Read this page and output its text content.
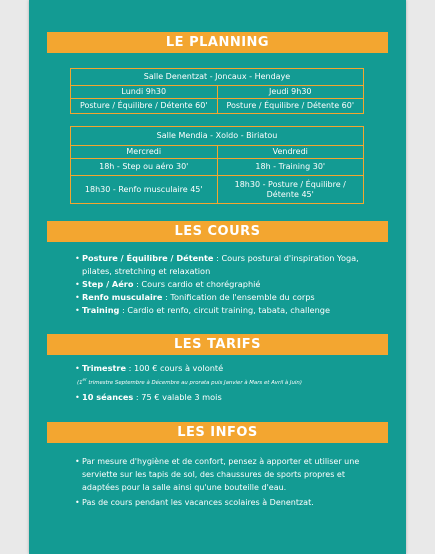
LE PLANNING
Salle Denentzat - Joncaux - Hendaye	
Lundi 9h30	Jeudi 9h30
Posture / Équilibre / Détente 60'	Posture / Équilibre / Détente 60'
Salle Mendia - Xoldo - Biriatou	
Mercredi	Vendredi
18h - Step ou aéro 30'	18h - Training 30'
18h30 - Renfo musculaire 45'	18h30 - Posture / Équilibre / Détente 45'
LES COURS
• Posture / Équilibre / Détente : Cours postural d'inspiration Yoga, pilates, stretching et relaxation
• Step / Aéro : Cours cardio et chorégraphié
• Renfo musculaire : Tonification de l'ensemble du corps
• Training : Cardio et renfo, circuit training, tabata, challenge
LES TARIFS
• Trimestre : 100 € cours à volonté
(1er trimestre Septembre à Décembre au prorata puis Janvier à Mars et Avril à Juin)
• 10 séances : 75 € valable 3 mois
LES INFOS
• Par mesure d'hygiène et de confort, pensez à apporter et utiliser une serviette sur les tapis de sol, des chaussures de sports propres et adaptées pour la salle ainsi qu'une bouteille d'eau.
• Pas de cours pendant les vacances scolaires à Denentzat.
